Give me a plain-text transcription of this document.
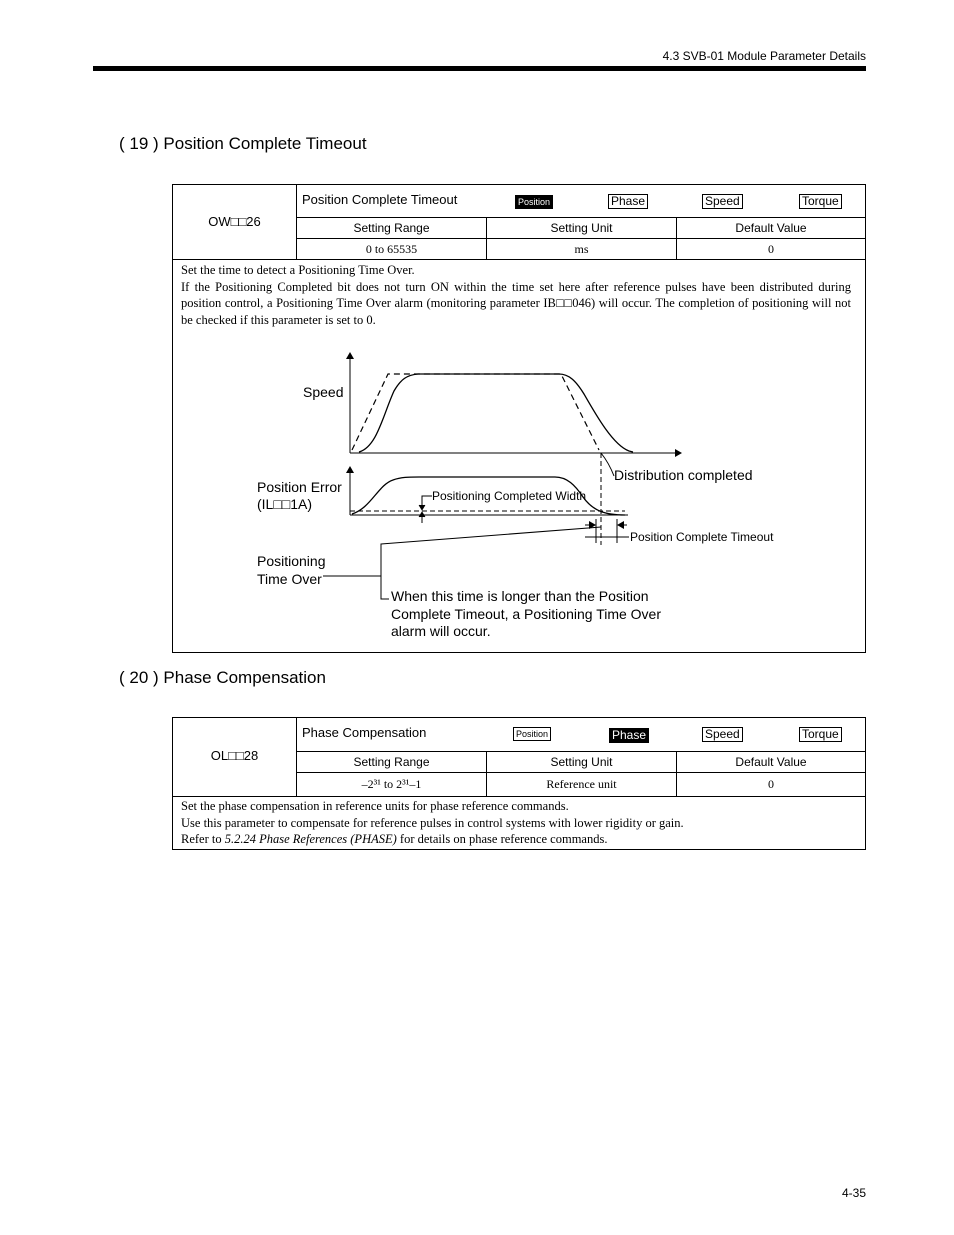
4.3 SVB-01 Module Parameter Details
( 19 ) Position Complete Timeout
OW□□26
Position Complete Timeout	Position	Phase	Speed	Torque
Setting Range	Setting Unit	Default Value
0 to 65535	ms	0

Set the time to detect a Positioning Time Over.

If the Positioning Completed bit does not turn ON within the time set here after reference pulses have been distributed during position control, a Positioning Time Over alarm (monitoring parameter IB□□046) will occur. The completion of positioning will not be checked if this parameter is set to 0.

Speed
Distribution completed
Position Error
(IL□□1A)	Positioning Completed Width
Position Complete Timeout
Positioning
Time Over
When this time is longer than the Position
Complete Timeout, a Positioning Time Over
alarm will occur.
( 20 ) Phase Compensation
OL□□28
Phase Compensation	Position	Phase	Speed	Torque
Setting Range	Setting Unit	Default Value
–2³¹ to 2³¹–1	Reference unit	0

Set the phase compensation in reference units for phase reference commands.

Use this parameter to compensate for reference pulses in control systems with lower rigidity or gain.

Refer to 5.2.24 Phase References (PHASE) for details on phase reference commands.

4-35
